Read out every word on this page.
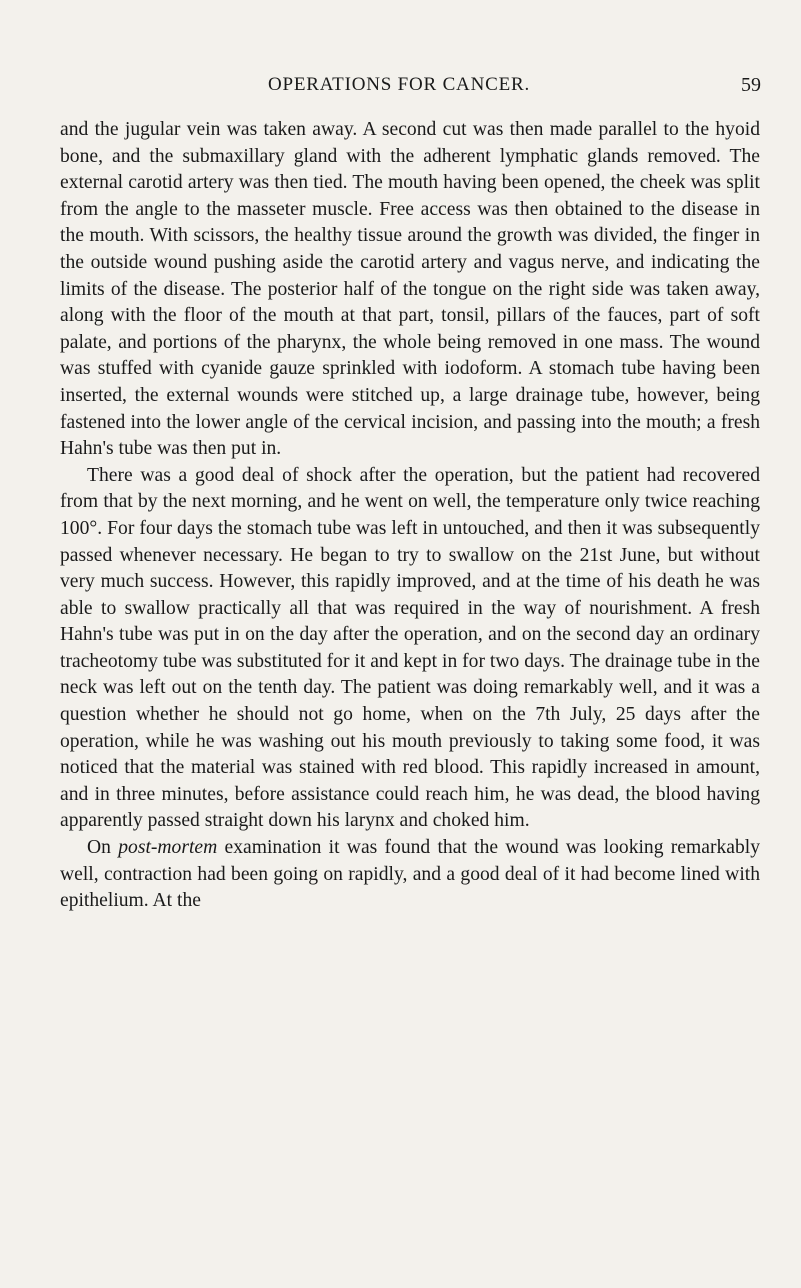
OPERATIONS FOR CANCER.	59

and the jugular vein was taken away. A second cut was then made parallel to the hyoid bone, and the submaxillary gland with the adherent lymphatic glands removed. The external carotid artery was then tied. The mouth having been opened, the cheek was split from the angle to the masseter muscle. Free access was then obtained to the disease in the mouth. With scissors, the healthy tissue around the growth was divided, the finger in the outside wound pushing aside the carotid artery and vagus nerve, and indicating the limits of the disease. The posterior half of the tongue on the right side was taken away, along with the floor of the mouth at that part, tonsil, pillars of the fauces, part of soft palate, and portions of the pharynx, the whole being removed in one mass. The wound was stuffed with cyanide gauze sprinkled with iodoform. A stomach tube having been inserted, the external wounds were stitched up, a large drainage tube, however, being fastened into the lower angle of the cervical incision, and passing into the mouth; a fresh Hahn's tube was then put in.

There was a good deal of shock after the operation, but the patient had recovered from that by the next morning, and he went on well, the temperature only twice reaching 100°. For four days the stomach tube was left in untouched, and then it was subsequently passed whenever necessary. He began to try to swallow on the 21st June, but without very much success. However, this rapidly improved, and at the time of his death he was able to swallow practically all that was required in the way of nourishment. A fresh Hahn's tube was put in on the day after the operation, and on the second day an ordinary tracheotomy tube was substituted for it and kept in for two days. The drainage tube in the neck was left out on the tenth day. The patient was doing remarkably well, and it was a question whether he should not go home, when on the 7th July, 25 days after the operation, while he was washing out his mouth previously to taking some food, it was noticed that the material was stained with red blood. This rapidly increased in amount, and in three minutes, before assistance could reach him, he was dead, the blood having apparently passed straight down his larynx and choked him.

On post-mortem examination it was found that the wound was looking remarkably well, contraction had been going on rapidly, and a good deal of it had become lined with epithelium. At the
